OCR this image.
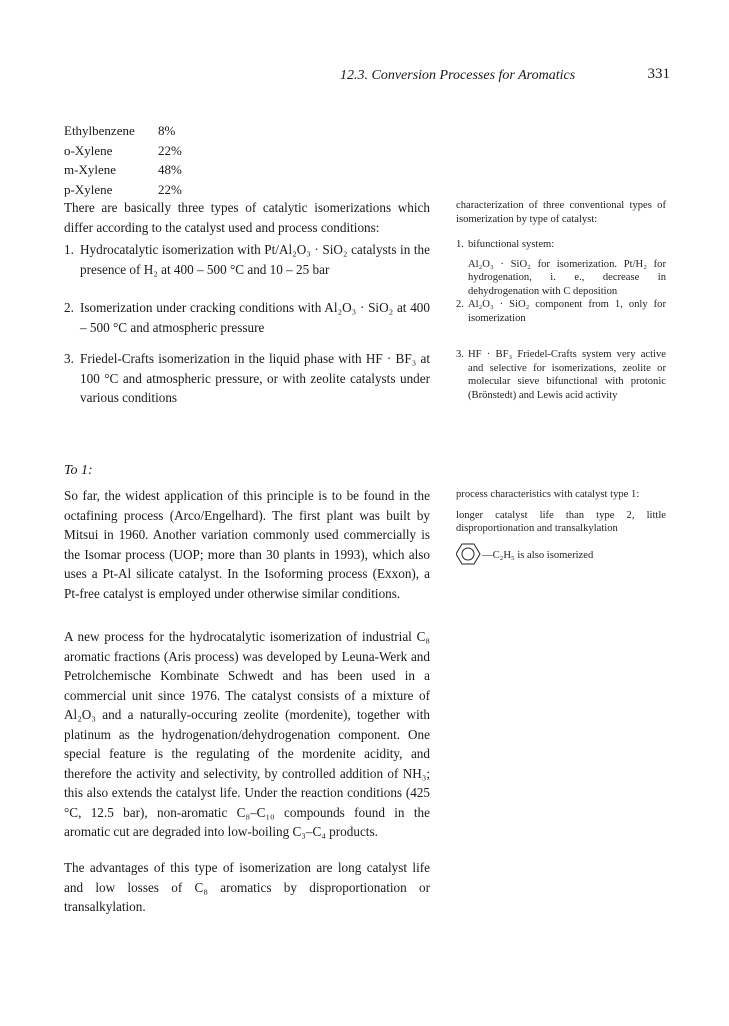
12.3. Conversion Processes for Aromatics	331
Ethylbenzene	8%
o-Xylene	22%
m-Xylene	48%
p-Xylene	22%

There are basically three types of catalytic isomerizations which differ according to the catalyst used and process conditions:

1. Hydrocatalytic isomerization with Pt/Al₂O₃ · SiO₂ catalysts in the presence of H₂ at 400 – 500 °C and 10 – 25 bar
2. Isomerization under cracking conditions with Al₂O₃ · SiO₂ at 400 – 500 °C and atmospheric pressure
3. Friedel-Crafts isomerization in the liquid phase with HF · BF₃ at 100 °C and atmospheric pressure, or with zeolite catalysts under various conditions

characterization of three conventional types of isomerization by type of catalyst:

1. bifunctional system:

Al₂O₃ · SiO₂ for isomerization. Pt/H₂ for hydrogenation, i. e., decrease in dehydrogenation with C deposition

2. Al₂O₃ · SiO₂ component from 1, only for isomerization
3. HF · BF₃ Friedel-Crafts system very active and selective for isomerizations, zeolite or molecular sieve bifunctional with protonic (Brönstedt) and Lewis acid activity
To 1:

So far, the widest application of this principle is to be found in the octafining process (Arco/Engelhard). The first plant was built by Mitsui in 1960. Another variation commonly used commercially is the Isomar process (UOP; more than 30 plants in 1993), which also uses a Pt-Al silicate catalyst. In the Isoforming process (Exxon), a Pt-free catalyst is employed under otherwise similar conditions.

process characteristics with catalyst type 1:

longer catalyst life than type 2, little disproportionation and transalkylation

—C₂H₅ is also isomerized

A new process for the hydrocatalytic isomerization of industrial C₈ aromatic fractions (Aris process) was developed by Leuna-Werk and Petrolchemische Kombinate Schwedt and has been used in a commercial unit since 1976. The catalyst consists of a mixture of Al₂O₃ and a naturally-occuring zeolite (mordenite), together with platinum as the hydrogenation/dehydrogenation component. One special feature is the regulating of the mordenite acidity, and therefore the activity and selectivity, by controlled addition of NH₃; this also extends the catalyst life. Under the reaction conditions (425 °C, 12.5 bar), non-aromatic C₈–C₁₀ compounds found in the aromatic cut are degraded into low-boiling C₃–C₄ products.

The advantages of this type of isomerization are long catalyst life and low losses of C₈ aromatics by disproportionation or transalkylation.
